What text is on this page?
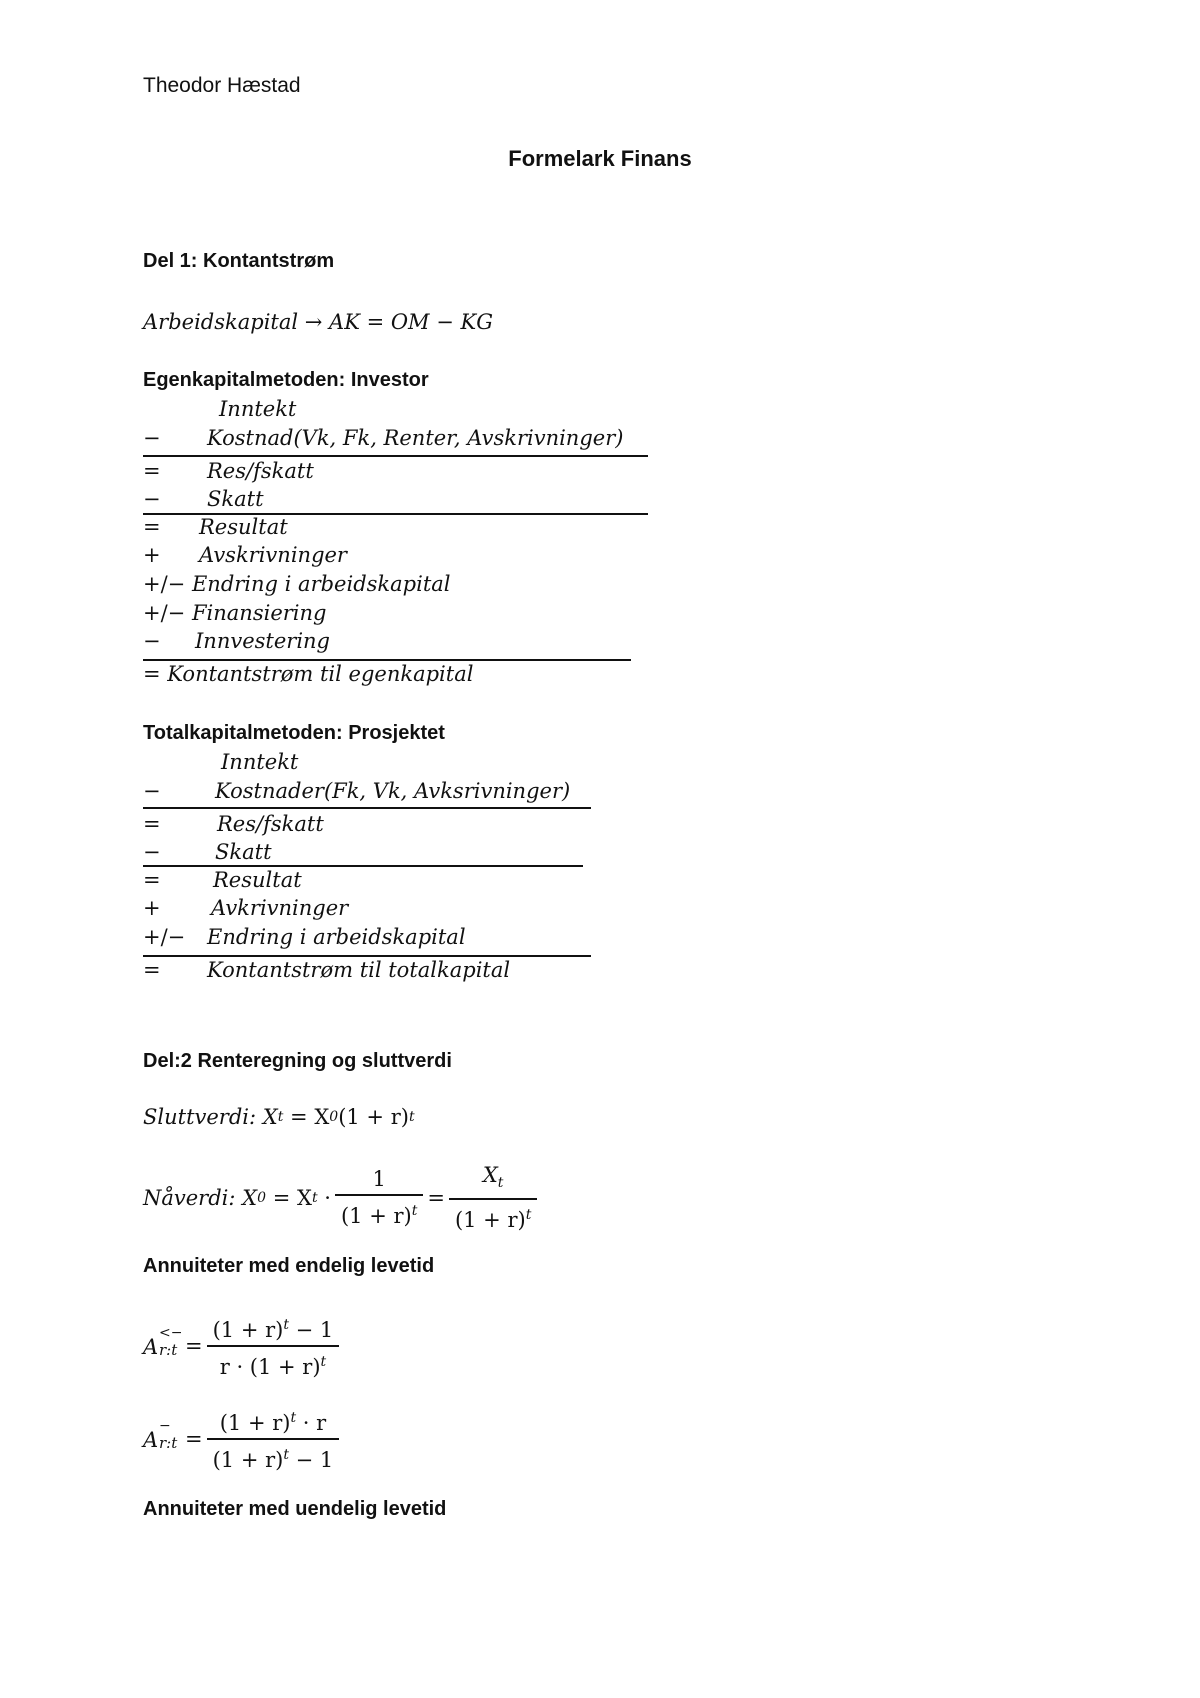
Theodor Hæstad
Formelark Finans
Del 1: Kontantstrøm
Arbeidskapital → AK = OM − KG
Egenkapitalmetoden: Investor
Inntekt
− Kostnad(Vk, Fk, Renter, Avskrivninger)
= Res/fskatt
− Skatt
= Resultat
+ Avskrivninger
+/− Endring i arbeidskapital
+/− Finansiering
− Innvestering
= Kontantstrøm til egenkapital
Totalkapitalmetoden: Prosjektet
Inntekt
−	Kostnader(Fk, Vk, Avksrivninger)
=	Res/fskatt
−	Skatt
= Resultat
+ Avkrivninger
+/− Endring i arbeidskapital
= Kontantstrøm til totalkapital
Del:2 Renteregning og sluttverdi
Sluttverdi:
X t
= X 0 (1 + r) t
Nåverdi:
X 0
= X t
· $\frac{1}{(1 + r)^t} = \frac{X_t}{(1 + r)^t}$
Annuiteter med endelig levetid
A
<−
r:t = $\frac{(1 + r)^t - 1}{r \cdot (1 + r)^t}$
A
−
r:t = $\frac{(1 + r)^t \cdot r}{(1 + r)^t - 1}$
Annuiteter med uendelig levetid
